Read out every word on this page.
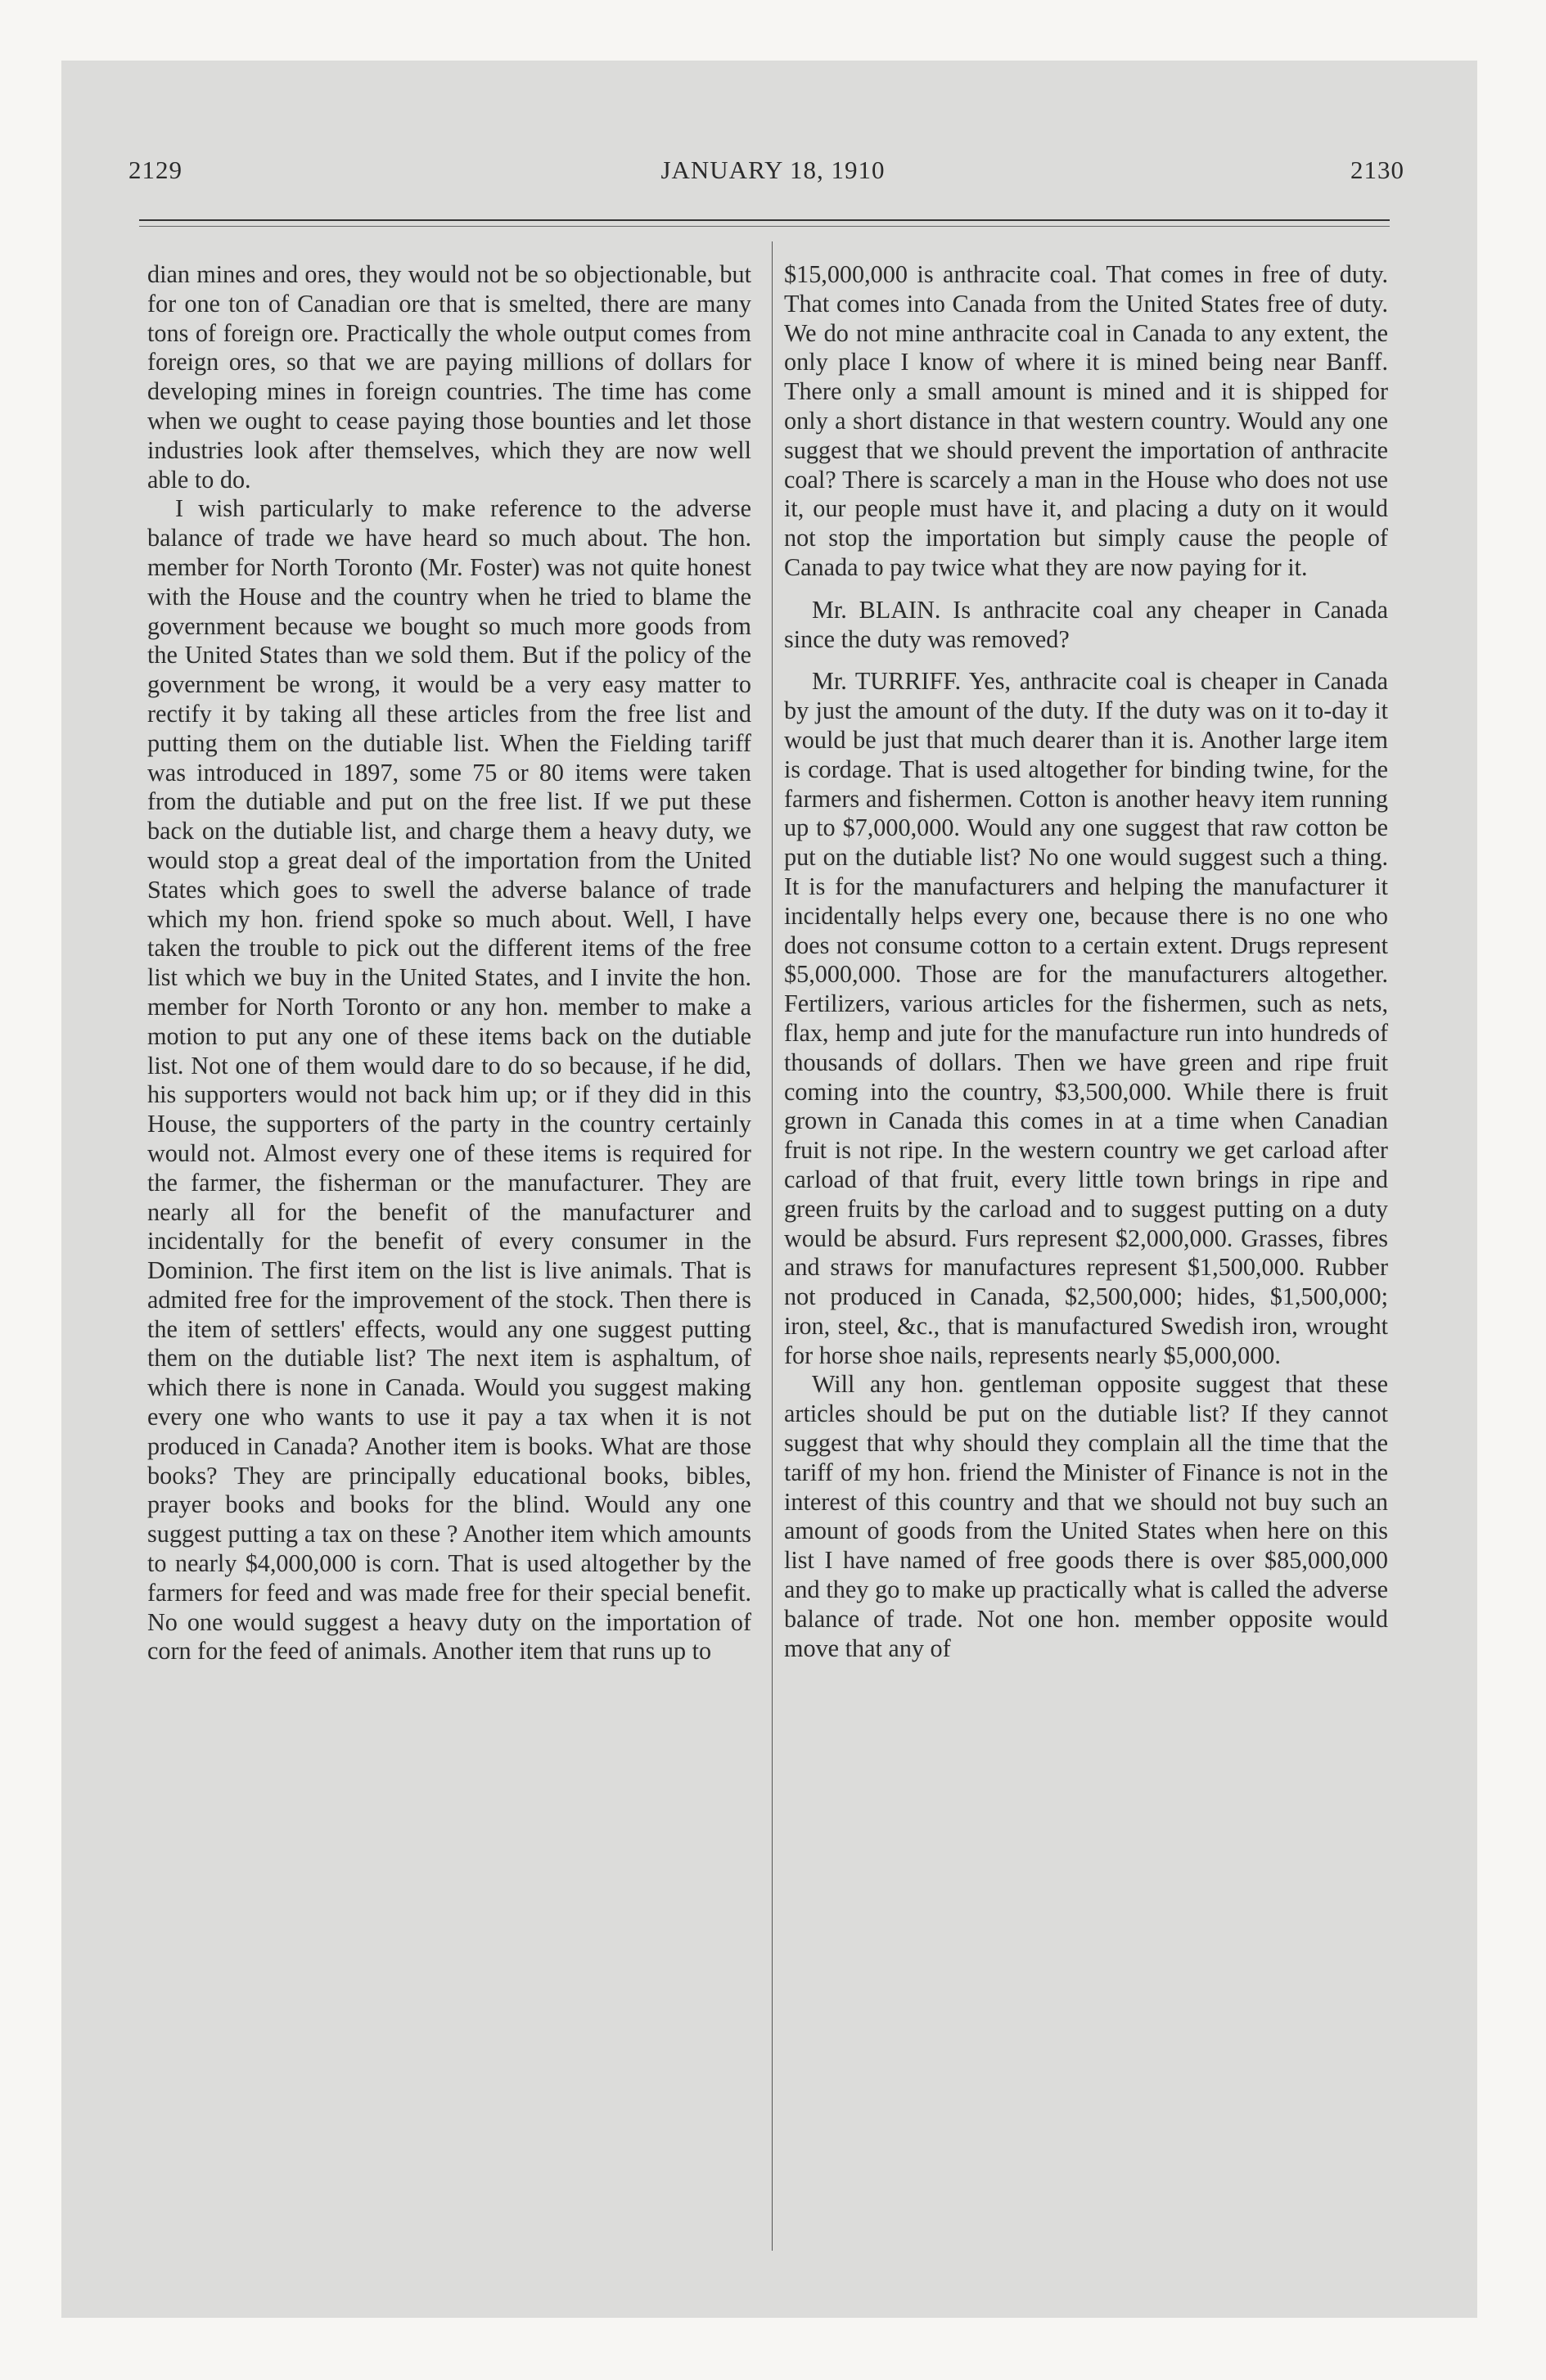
2129	JANUARY 18, 1910	2130

dian mines and ores, they would not be so objectionable, but for one ton of Canadian ore that is smelted, there are many tons of foreign ore. Practically the whole output comes from foreign ores, so that we are paying millions of dollars for developing mines in foreign countries. The time has come when we ought to cease paying those bounties and let those industries look after themselves, which they are now well able to do.

I wish particularly to make reference to the adverse balance of trade we have heard so much about. The hon. member for North Toronto (Mr. Foster) was not quite honest with the House and the country when he tried to blame the government because we bought so much more goods from the United States than we sold them. But if the policy of the government be wrong, it would be a very easy matter to rectify it by taking all these articles from the free list and putting them on the dutiable list. When the Fielding tariff was introduced in 1897, some 75 or 80 items were taken from the dutiable and put on the free list. If we put these back on the dutiable list, and charge them a heavy duty, we would stop a great deal of the importation from the United States which goes to swell the adverse balance of trade which my hon. friend spoke so much about. Well, I have taken the trouble to pick out the different items of the free list which we buy in the United States, and I invite the hon. member for North Toronto or any hon. member to make a motion to put any one of these items back on the dutiable list. Not one of them would dare to do so because, if he did, his supporters would not back him up; or if they did in this House, the supporters of the party in the country certainly would not. Almost every one of these items is required for the farmer, the fisherman or the manufacturer. They are nearly all for the benefit of the manufacturer and incidentally for the benefit of every consumer in the Dominion. The first item on the list is live animals. That is admited free for the improvement of the stock. Then there is the item of settlers' effects, would any one suggest putting them on the dutiable list? The next item is asphaltum, of which there is none in Canada. Would you suggest making every one who wants to use it pay a tax when it is not produced in Canada? Another item is books. What are those books? They are principally educational books, bibles, prayer books and books for the blind. Would any one suggest putting a tax on these ? Another item which amounts to nearly $4,000,000 is corn. That is used altogether by the farmers for feed and was made free for their special benefit. No one would suggest a heavy duty on the importation of corn for the feed of animals. Another item that runs up to

$15,000,000 is anthracite coal. That comes in free of duty. That comes into Canada from the United States free of duty. We do not mine anthracite coal in Canada to any extent, the only place I know of where it is mined being near Banff. There only a small amount is mined and it is shipped for only a short distance in that western country. Would any one suggest that we should prevent the importation of anthracite coal? There is scarcely a man in the House who does not use it, our people must have it, and placing a duty on it would not stop the importation but simply cause the people of Canada to pay twice what they are now paying for it.

Mr. BLAIN. Is anthracite coal any cheaper in Canada since the duty was removed?

Mr. TURRIFF. Yes, anthracite coal is cheaper in Canada by just the amount of the duty. If the duty was on it to-day it would be just that much dearer than it is. Another large item is cordage. That is used altogether for binding twine, for the farmers and fishermen. Cotton is another heavy item running up to $7,000,000. Would any one suggest that raw cotton be put on the dutiable list? No one would suggest such a thing. It is for the manufacturers and helping the manufacturer it incidentally helps every one, because there is no one who does not consume cotton to a certain extent. Drugs represent $5,000,000. Those are for the manufacturers altogether. Fertilizers, various articles for the fishermen, such as nets, flax, hemp and jute for the manufacture run into hundreds of thousands of dollars. Then we have green and ripe fruit coming into the country, $3,500,000. While there is fruit grown in Canada this comes in at a time when Canadian fruit is not ripe. In the western country we get carload after carload of that fruit, every little town brings in ripe and green fruits by the carload and to suggest putting on a duty would be absurd. Furs represent $2,000,000. Grasses, fibres and straws for manufactures represent $1,500,000. Rubber not produced in Canada, $2,500,000; hides, $1,500,000; iron, steel, &c., that is manufactured Swedish iron, wrought for horse shoe nails, represents nearly $5,000,000.

Will any hon. gentleman opposite suggest that these articles should be put on the dutiable list? If they cannot suggest that why should they complain all the time that the tariff of my hon. friend the Minister of Finance is not in the interest of this country and that we should not buy such an amount of goods from the United States when here on this list I have named of free goods there is over $85,000,000 and they go to make up practically what is called the adverse balance of trade. Not one hon. member opposite would move that any of
